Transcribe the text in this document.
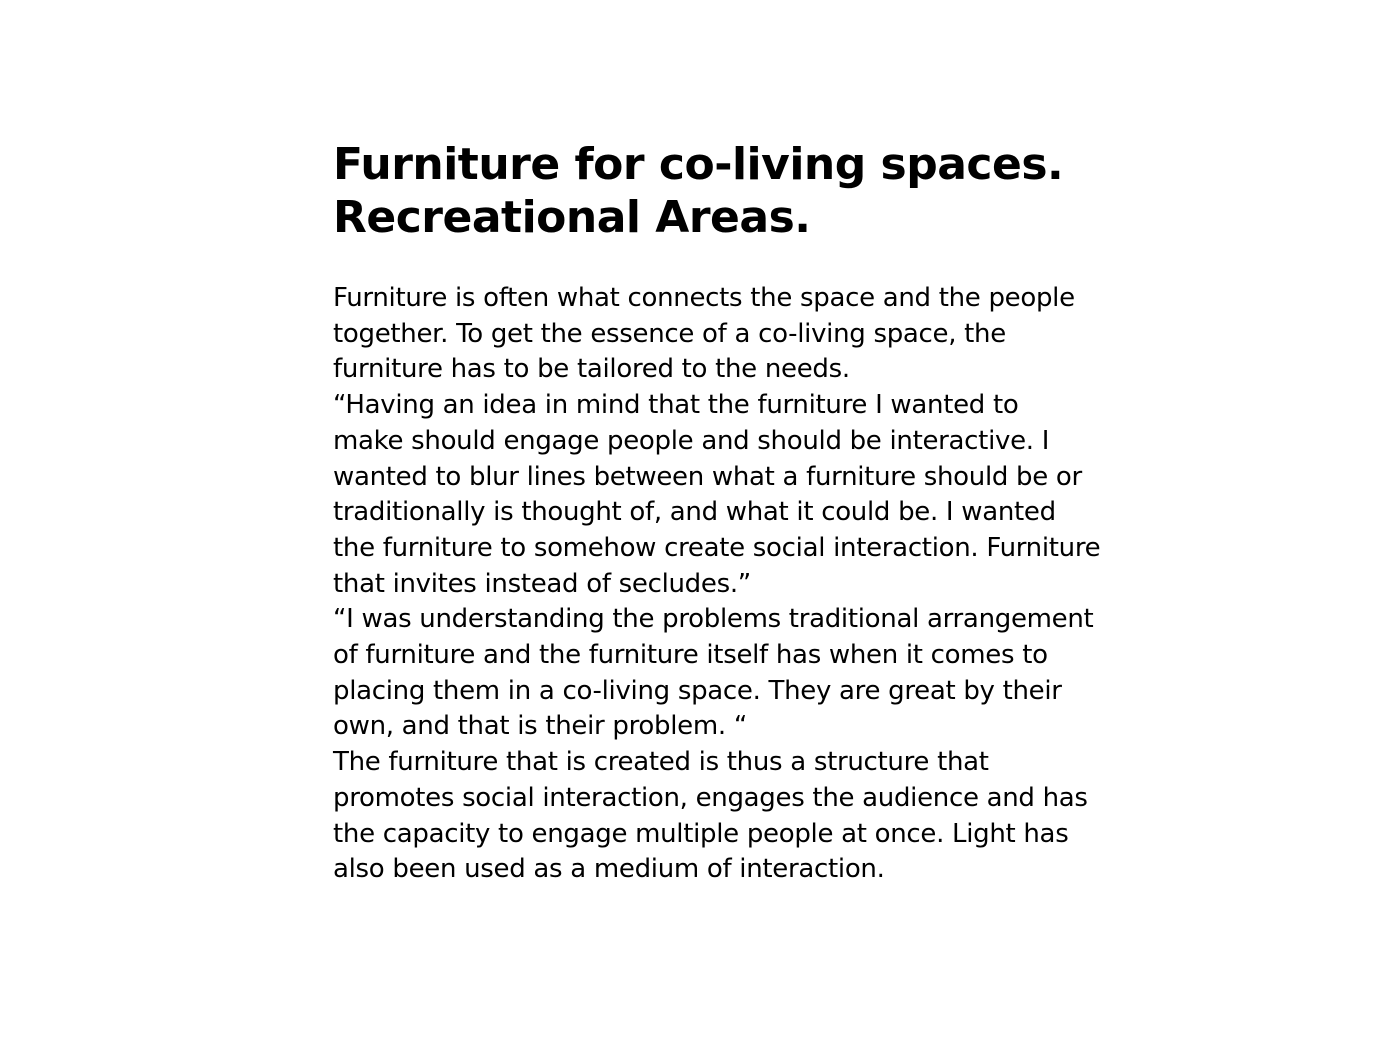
Furniture for co-living spaces.
Recreational Areas.
Furniture is often what connects the space and the people
together. To get the essence of a co-living space, the
furniture has to be tailored to the needs.
“Having an idea in mind that the furniture I wanted to
make should engage people and should be interactive. I
wanted to blur lines between what a furniture should be or
traditionally is thought of, and what it could be. I wanted
the furniture to somehow create social interaction. Furniture
that invites instead of secludes.”
“I was understanding the problems traditional arrangement
of furniture and the furniture itself has when it comes to
placing them in a co-living space. They are great by their
own, and that is their problem. “
The furniture that is created is thus a structure that
promotes social interaction, engages the audience and has
the capacity to engage multiple people at once. Light has
also been used as a medium of interaction.
